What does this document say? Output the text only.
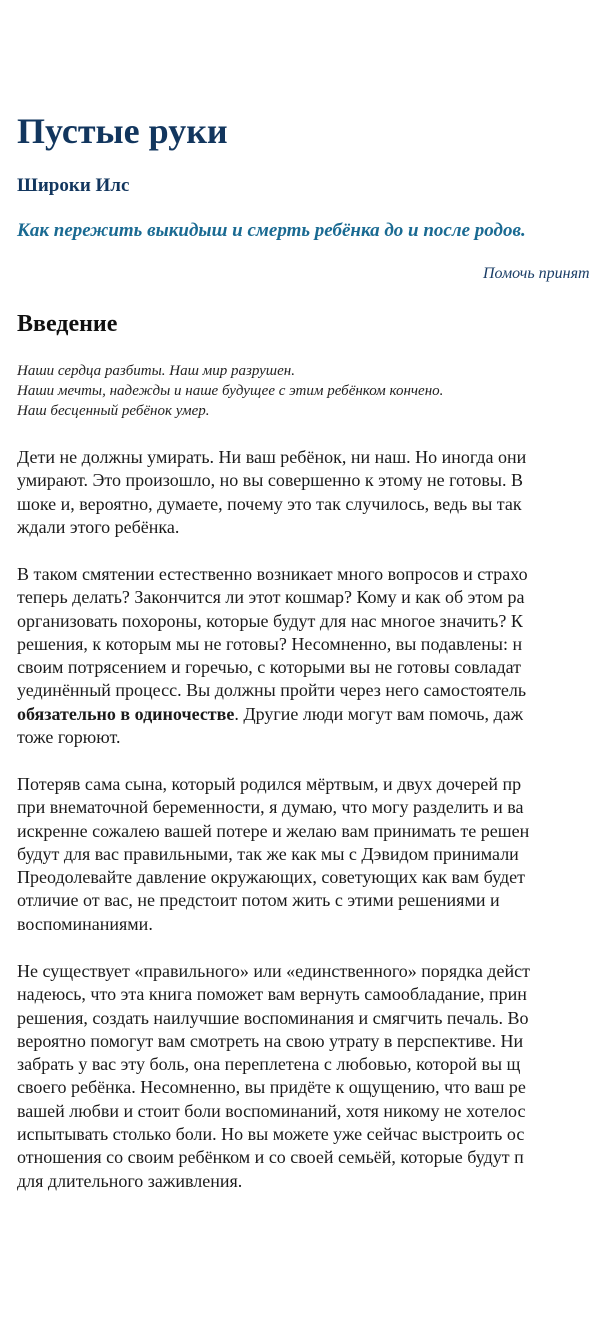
Пустые руки
Широки Илс
Как пережить выкидыш и смерть ребёнка до и после родов.

Помочь принят

Введение

Наши сердца разбиты. Наш мир разрушен.
Наши мечты, надежды и наше будущее с этим ребёнком кончено.
Наш бесценный ребёнок умер.

Дети не должны умирать. Ни ваш ребёнок, ни наш. Но иногда они
умирают. Это произошло, но вы совершенно к этому не готовы. В
шоке и, вероятно, думаете, почему это так случилось, ведь вы так
ждали этого ребёнка.

В таком смятении естественно возникает много вопросов и страхо
теперь делать? Закончится ли этот кошмар? Кому и как об этом ра
организовать похороны, которые будут для нас многое значить? К
решения, к которым мы не готовы? Несомненно, вы подавлены: н
своим потрясением и горечью, с которыми вы не готовы совладат
уединённый процесс. Вы должны пройти через него самостоятель
обязательно в одиночестве. Другие люди могут вам помочь, даж
тоже горюют.

Потеряв сама сына, который родился мёртвым, и двух дочерей пр
при внематочной беременности, я думаю, что могу разделить и ва
искренне сожалею вашей потере и желаю вам принимать те решен
будут для вас правильными, так же как мы с Дэвидом принимали
Преодолевайте давление окружающих, советующих как вам будет
отличие от вас, не предстоит потом жить с этими решениями и
воспоминаниями.

Не существует «правильного» или «единственного» порядка дейст
надеюсь, что эта книга поможет вам вернуть самообладание, прин
решения, создать наилучшие воспоминания и смягчить печаль. Во
вероятно помогут вам смотреть на свою утрату в перспективе. Ни
забрать у вас эту боль, она переплетена с любовью, которой вы щ
своего ребёнка. Несомненно, вы придёте к ощущению, что ваш ре
вашей любви и стоит боли воспоминаний, хотя никому не хотелос
испытывать столько боли. Но вы можете уже сейчас выстроить ос
отношения со своим ребёнком и со своей семьёй, которые будут п
для длительного заживления.
